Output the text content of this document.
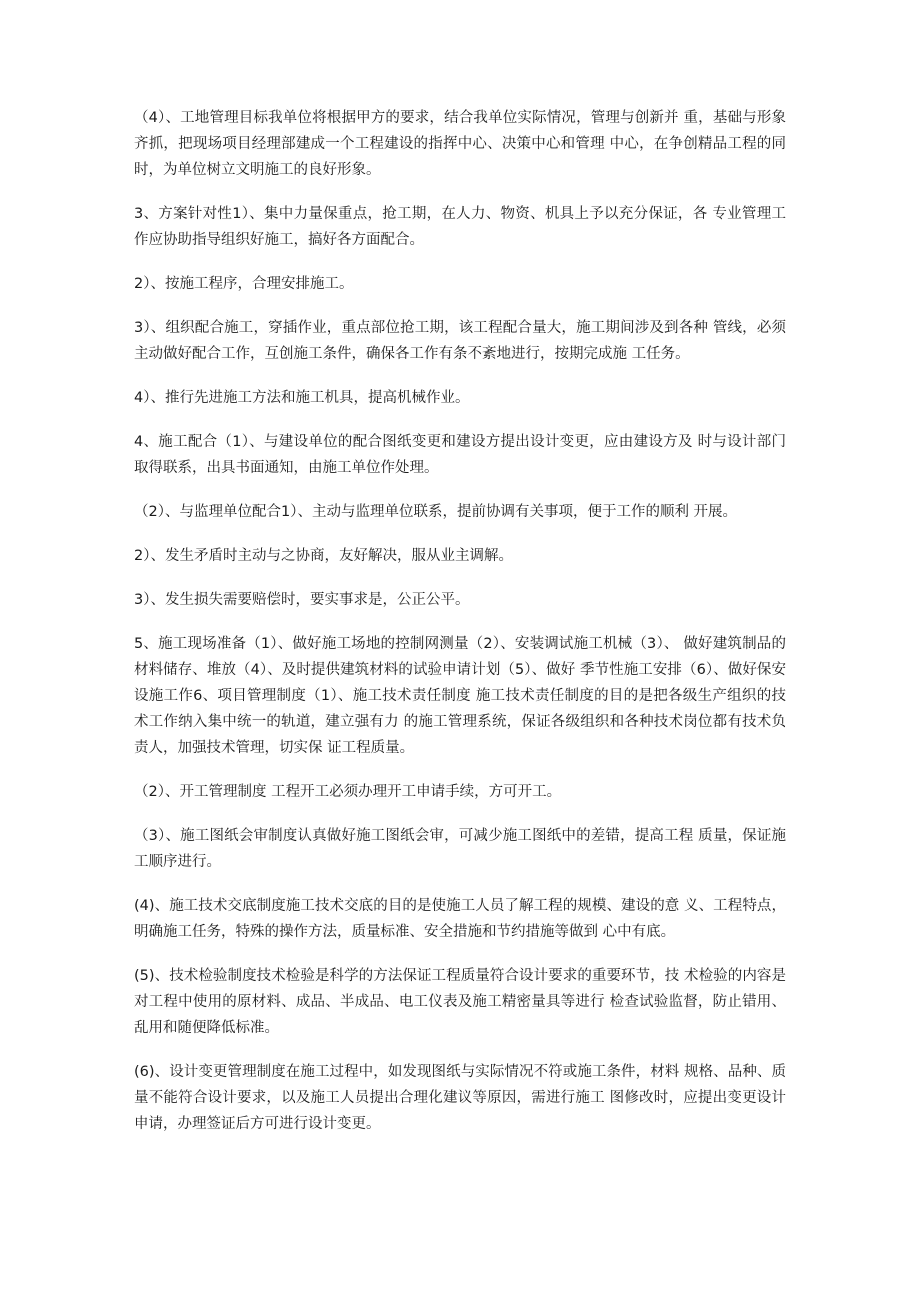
（4）、工地管理目标我单位将根据甲方的要求，结合我单位实际情况，管理与创新并 重，基础与形象齐抓，把现场项目经理部建成一个工程建设的指挥中心、决策中心和管理 中心，在争创精品工程的同时，为单位树立文明施工的良好形象。

3、方案针对性1）、集中力量保重点，抢工期，在人力、物资、机具上予以充分保证，各 专业管理工作应协助指导组织好施工，搞好各方面配合。

2）、按施工程序，合理安排施工。

3）、组织配合施工，穿插作业，重点部位抢工期，该工程配合量大，施工期间涉及到各种 管线，必须主动做好配合工作，互创施工条件，确保各工作有条不紊地进行，按期完成施 工任务。

4）、推行先进施工方法和施工机具，提高机械作业。

4、施工配合（1）、与建设单位的配合图纸变更和建设方提出设计变更，应由建设方及 时与设计部门取得联系，出具书面通知，由施工单位作处理。

（2）、与监理单位配合1）、主动与监理单位联系，提前协调有关事项，便于工作的顺利 开展。

2）、发生矛盾时主动与之协商，友好解决，服从业主调解。

3）、发生损失需要赔偿时，要实事求是，公正公平。

5、施工现场准备（1）、做好施工场地的控制网测量（2）、安装调试施工机械（3）、 做好建筑制品的材料储存、堆放（4）、及时提供建筑材料的试验申请计划（5）、做好 季节性施工安排（6）、做好保安设施工作6、项目管理制度（1）、施工技术责任制度 施工技术责任制度的目的是把各级生产组织的技术工作纳入集中统一的轨道，建立强有力 的施工管理系统，保证各级组织和各种技术岗位都有技术负责人，加强技术管理，切实保 证工程质量。

（2）、开工管理制度 工程开工必须办理开工申请手续，方可开工。

（3）、施工图纸会审制度认真做好施工图纸会审，可减少施工图纸中的差错，提高工程 质量，保证施工顺序进行。

(4)、施工技术交底制度施工技术交底的目的是使施工人员了解工程的规模、建设的意 义、工程特点，明确施工任务，特殊的操作方法，质量标准、安全措施和节约措施等做到 心中有底。

(5)、技术检验制度技术检验是科学的方法保证工程质量符合设计要求的重要环节，技 术检验的内容是对工程中使用的原材料、成品、半成品、电工仪表及施工精密量具等进行 检查试验监督，防止错用、乱用和随便降低标准。

(6)、设计变更管理制度在施工过程中，如发现图纸与实际情况不符或施工条件，材料 规格、品种、质量不能符合设计要求，以及施工人员提出合理化建议等原因，需进行施工 图修改时，应提出变更设计申请，办理签证后方可进行设计变更。
